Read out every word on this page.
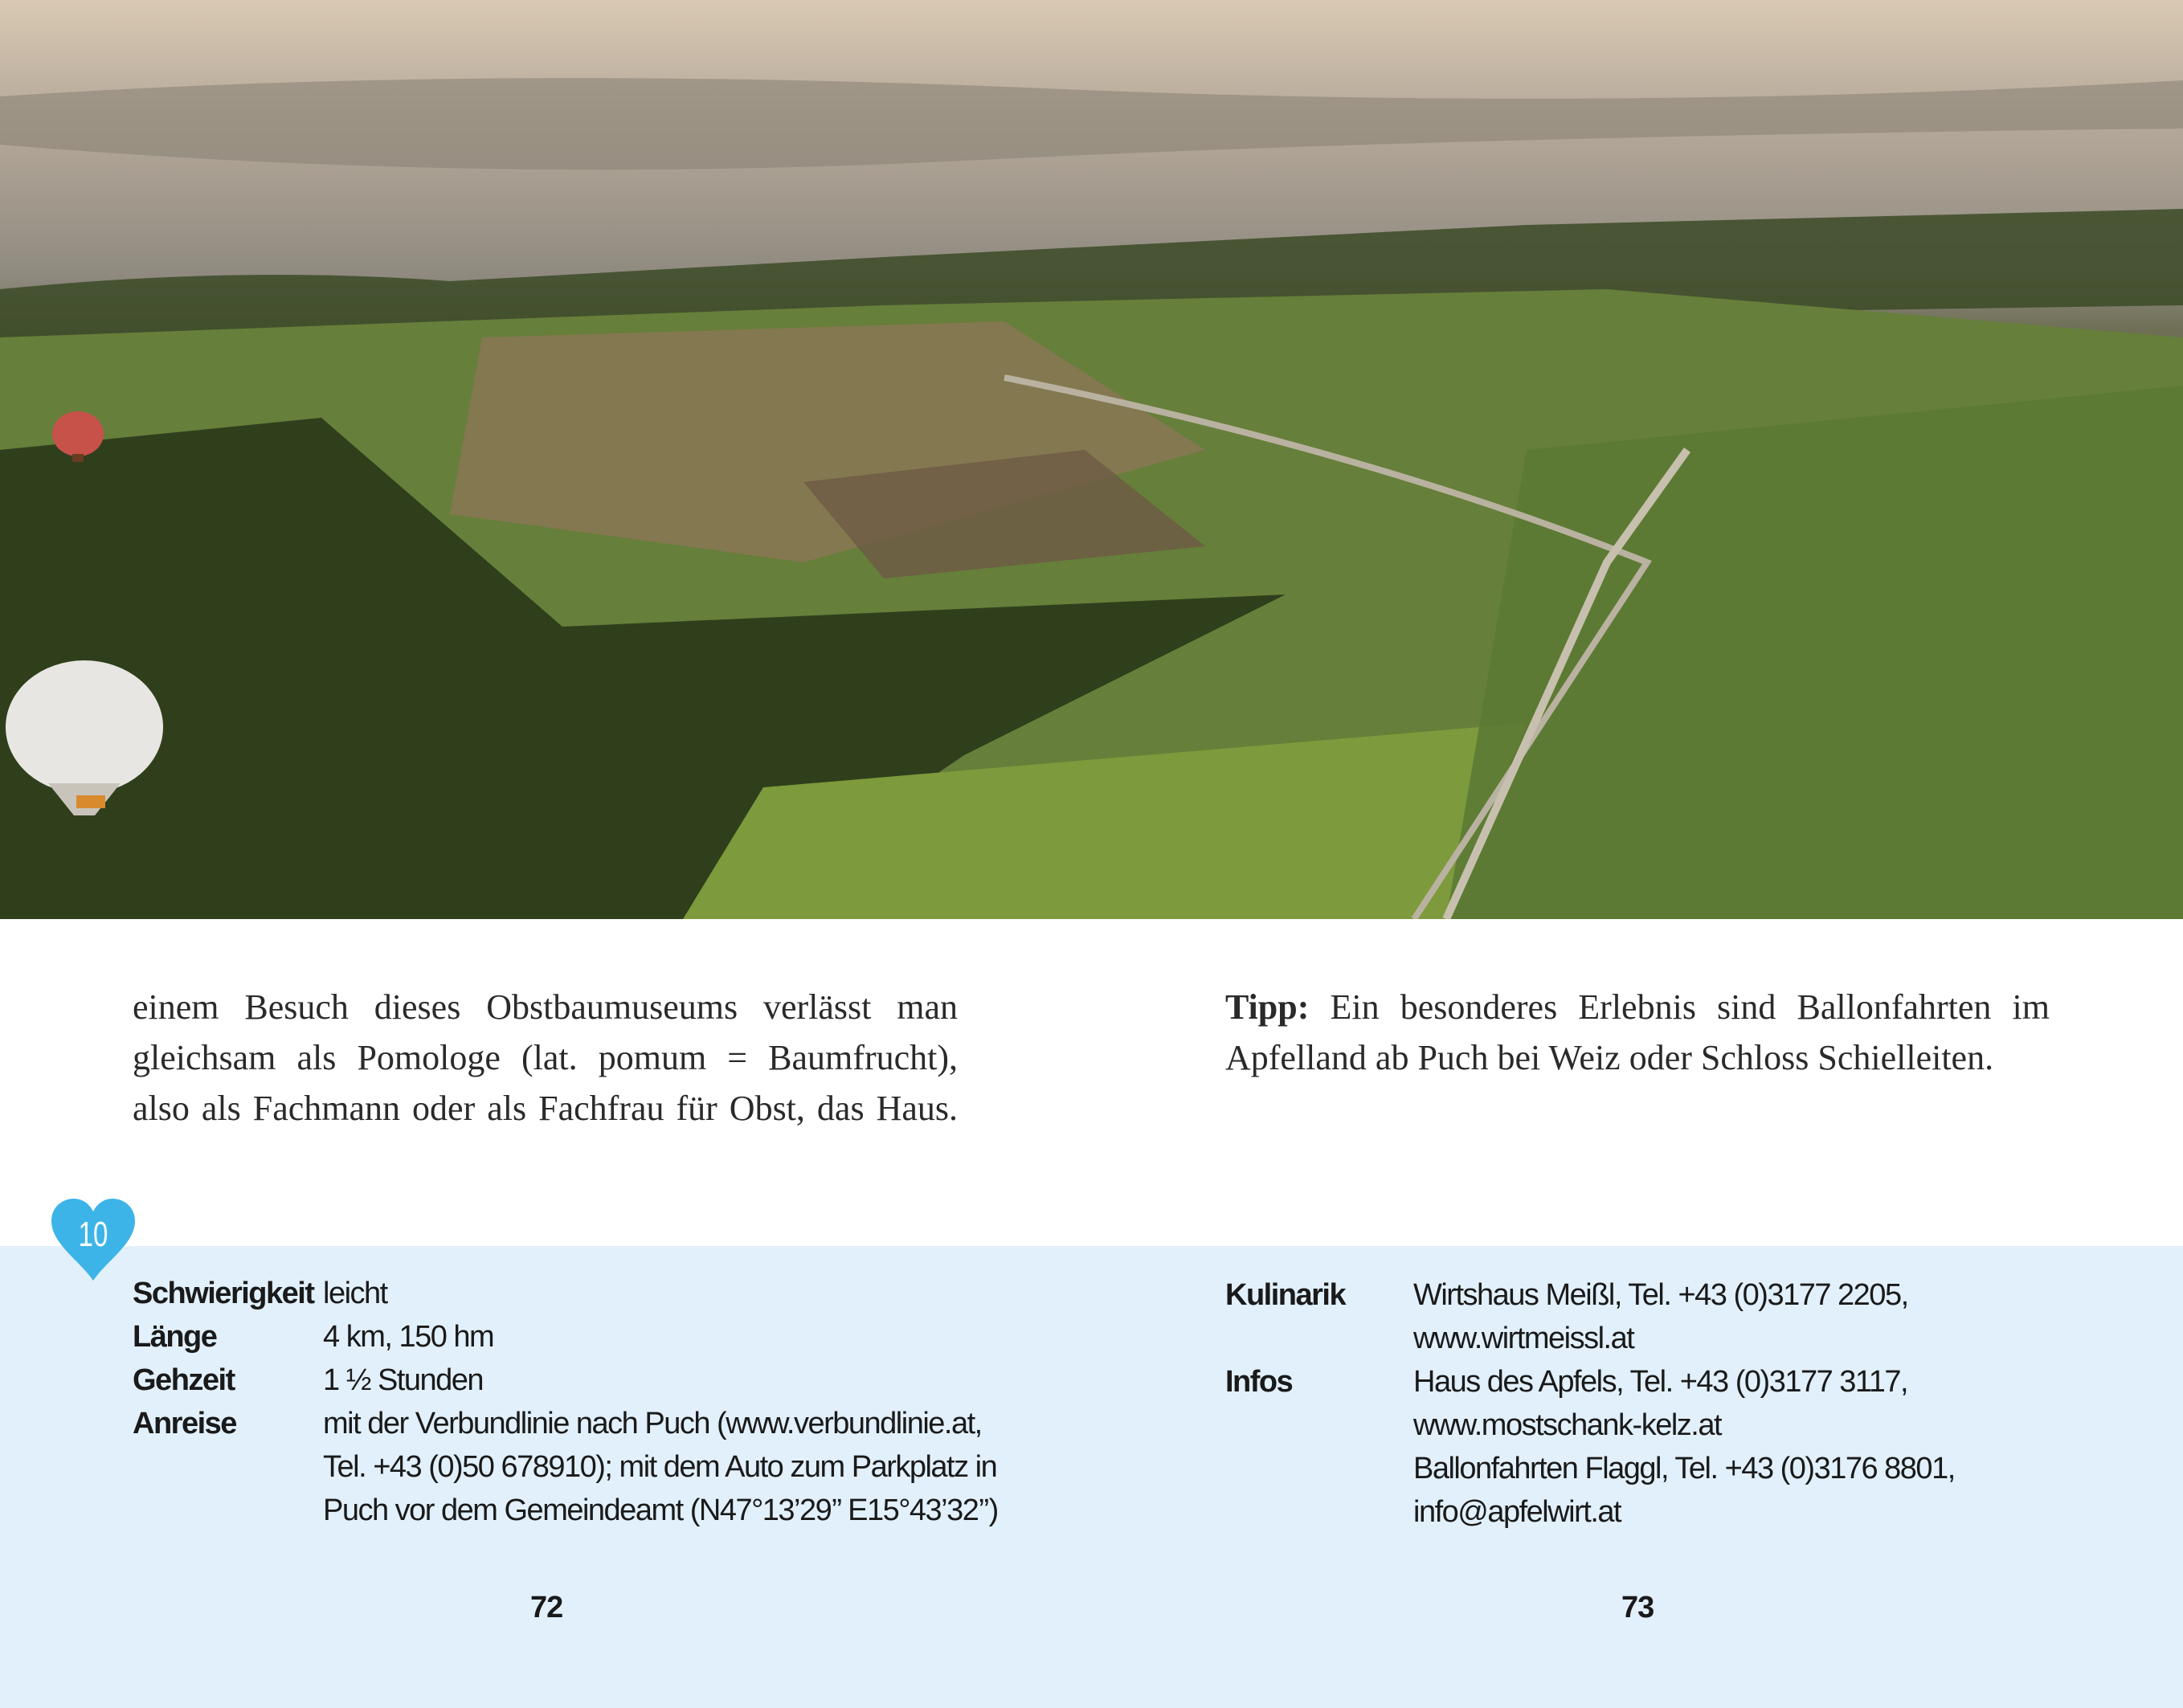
einem Besuch dieses Obstbaumuseums verlässt man
gleichsam als Pomologe (lat. pomum = Baumfrucht),
also als Fachmann oder als Fachfrau für Obst, das Haus.
Tipp: Ein besonderes Erlebnis sind Ballonfahrten im
Apfelland ab Puch bei Weiz oder Schloss Schielleiten.
10
Schwierigkeit leicht
Länge	4 km, 150 hm
Gehzeit	1 ½ Stunden
Anreise	mit der Verbundlinie nach Puch (www.verbundlinie.at,
Tel. +43 (0)50 678910); mit dem Auto zum Parkplatz in
Puch vor dem Gemeindeamt (N47°13’29’’ E15°43’32’’)
Kulinarik	Wirtshaus Meißl, Tel. +43 (0)3177 2205,
www.wirtmeissl.at
Infos	Haus des Apfels, Tel. +43 (0)3177 3117,
www.mostschank-kelz.at
Ballonfahrten Flaggl, Tel. +43 (0)3176 8801,
info@apfelwirt.at
72	73
